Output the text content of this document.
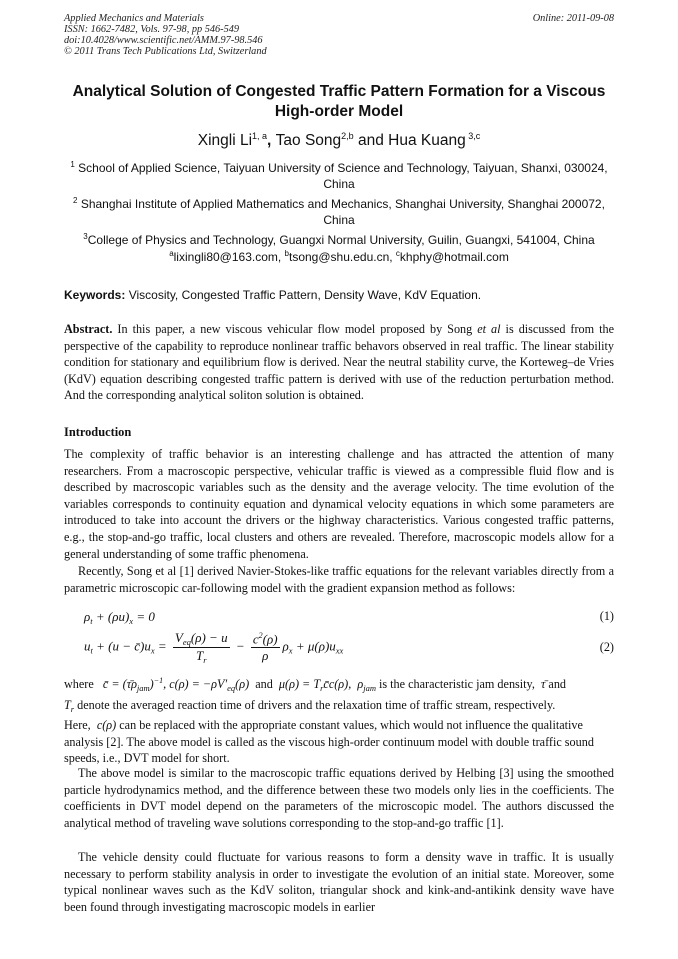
Applied Mechanics and Materials
ISSN: 1662-7482, Vols. 97-98, pp 546-549
doi:10.4028/www.scientific.net/AMM.97-98.546
© 2011 Trans Tech Publications Ltd, Switzerland
Online: 2011-09-08
Analytical Solution of Congested Traffic Pattern Formation for a Viscous High-order Model
Xingli Li$^{1, a}$, Tao Song$^{2,b}$ and Hua Kuang $^{3,c}$
$^1$ School of Applied Science, Taiyuan University of Science and Technology, Taiyuan, Shanxi, 030024, China
$^2$ Shanghai Institute of Applied Mathematics and Mechanics, Shanghai University, Shanghai 200072, China
$^3$College of Physics and Technology, Guangxi Normal University, Guilin, Guangxi, 541004, China
$^a$lixingli80@163.com, $^b$tsong@shu.edu.cn, $^c$khphy@hotmail.com
Keywords: Viscosity, Congested Traffic Pattern, Density Wave, KdV Equation.
Abstract. In this paper, a new viscous vehicular flow model proposed by Song et al is discussed from the perspective of the capability to reproduce nonlinear traffic behavors observed in real traffic. The linear stability condition for stationary and equilibrium flow is derived. Near the neutral stability curve, the Korteweg–de Vries (KdV) equation describing congested traffic pattern is derived with use of the reduction perturbation method. And the corresponding analytical soliton solution is obtained.
Introduction
The complexity of traffic behavior is an interesting challenge and has attracted the attention of many researchers. From a macroscopic perspective, vehicular traffic is viewed as a compressible fluid flow and is described by macroscopic variables such as the density and the average velocity. The time evolution of the variables corresponds to continuity equation and dynamical velocity equations in which some parameters are introduced to take into account the drivers or the highway characteristics. Various congested traffic patterns, e.g., the stop-and-go traffic, local clusters and others are revealed. Therefore, macroscopic models allow for a general understanding of some traffic phenomena.
Recently, Song et al [1] derived Navier-Stokes-like traffic equations for the relevant variables directly from a parametric microscopic car-following model with the gradient expansion method as follows:
$\rho_t + (\rho u)_x = 0$	(1)
$u_t + (u$ − $c̄)u_x = \frac{V_{eq}(\rho) - u}{T_r} - \frac{c^2(\rho)}{\rho} \rho_x + \mu(\rho)u_{xx}$	(2)
where   c̄ = $(\taū\rho_{jam})^{-1}$, $c(\rho) = -\rho V'_{eq}(\rho)$  and  $\mu(\rho) = T_rc̄c(\rho)$,  $\rho_{jam}$ is the characteristic jam density,  τ̄ and
$T_r$ denote the averaged reaction time of drivers and the relaxation time of traffic stream, respectively.
Here,  c(ρ) can be replaced with the appropriate constant values, which would not influence the qualitative analysis [2]. The above model is called as the viscous high-order continuum model with double traffic sound speeds, i.e., DVT model for short.
The above model is similar to the macroscopic traffic equations derived by Helbing [3] using the smoothed particle hydrodynamics method, and the difference between these two models only lies in the coefficients. The coefficients in DVT model depend on the parameters of the microscopic model. The authors discussed the analytical method of traveling wave solutions corresponding to the stop-and-go traffic [1].
The vehicle density could fluctuate for various reasons to form a density wave in traffic. It is usually necessary to perform stability analysis in order to investigate the evolution of an initial state. Moreover, some typical nonlinear waves such as the KdV soliton, triangular shock and kink-and-antikink density wave have been found through investigating macroscopic models in earlier
